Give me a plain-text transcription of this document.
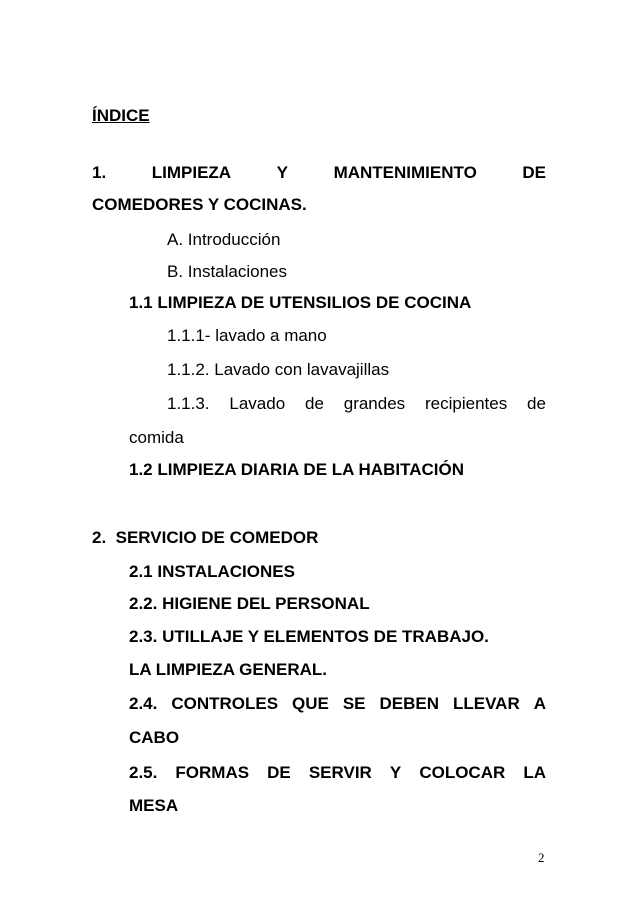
ÍNDICE
1.	LIMPIEZA	Y	MANTENIMIENTO	DE
COMEDORES Y COCINAS.
A. Introducción
B. Instalaciones
1.1 LIMPIEZA DE UTENSILIOS DE COCINA
1.1.1- lavado a mano
1.1.2. Lavado con lavavajillas
1.1.3. Lavado de grandes recipientes de
comida
1.2 LIMPIEZA DIARIA DE LA HABITACIÓN
2.  SERVICIO DE COMEDOR
2.1 INSTALACIONES
2.2. HIGIENE DEL PERSONAL
2.3. UTILLAJE Y ELEMENTOS DE TRABAJO.
LA LIMPIEZA GENERAL.
2.4. CONTROLES QUE SE DEBEN LLEVAR A
CABO
2.5. FORMAS DE SERVIR Y COLOCAR LA
MESA
2
